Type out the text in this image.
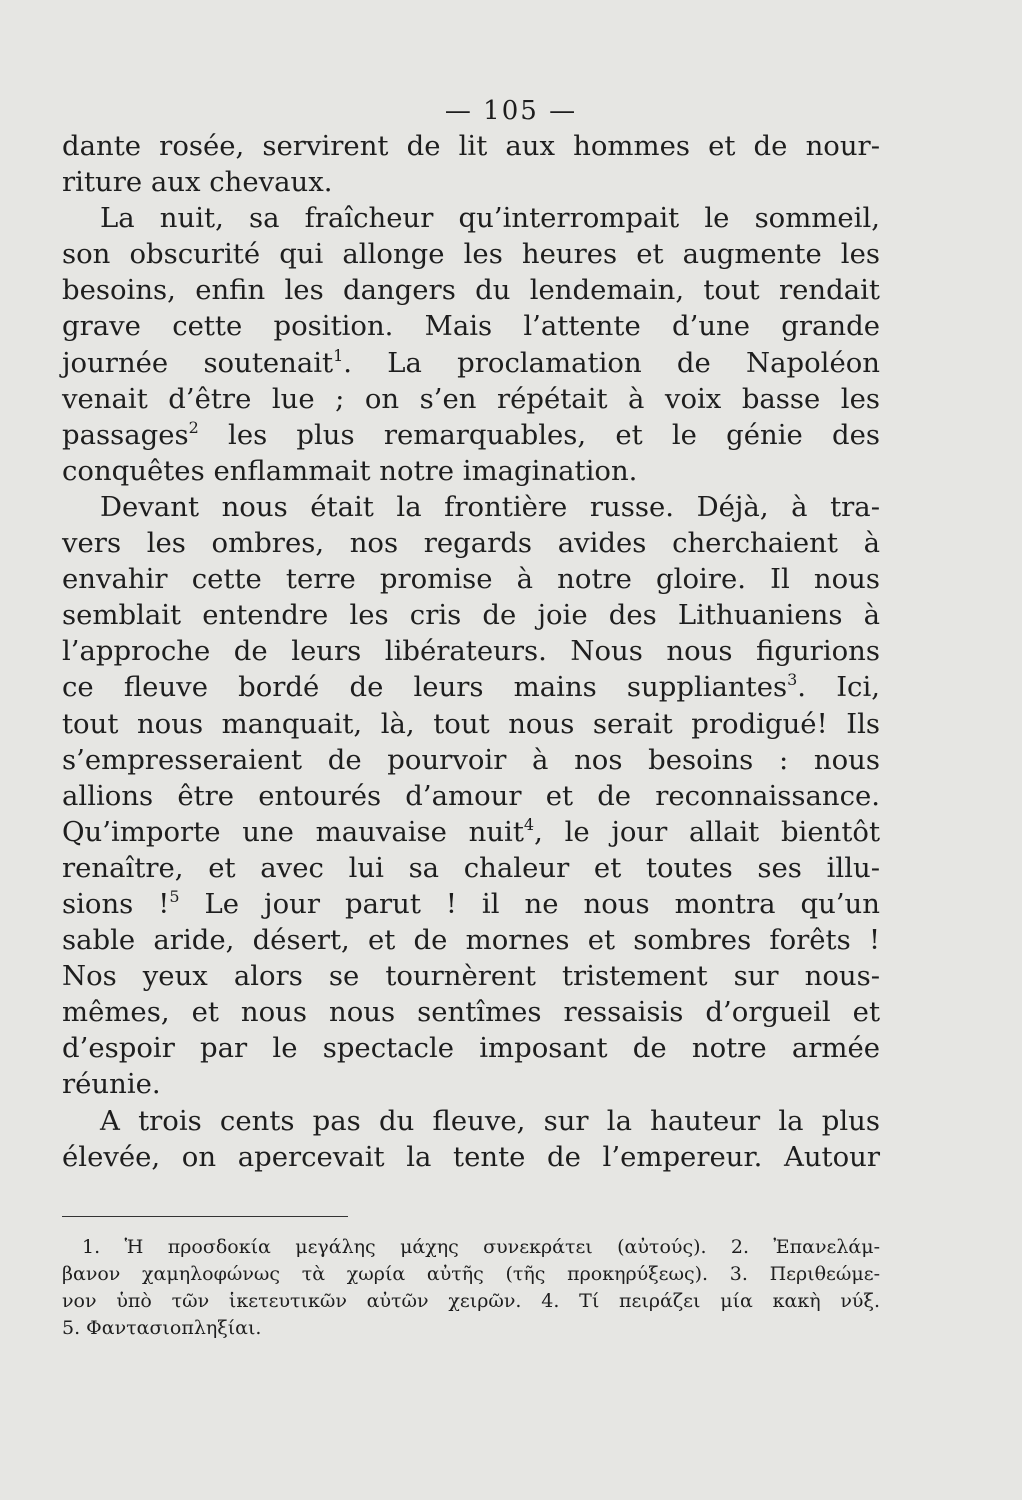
— 105 —
dante rosée, servirent de lit aux hommes et de nour-
riture aux chevaux.
La nuit, sa fraîcheur qu’interrompait le sommeil,
son obscurité qui allonge les heures et augmente les
besoins, enfin les dangers du lendemain, tout rendait
grave cette position. Mais l’attente d’une grande
journée soutenait$^1$. La proclamation de Napoléon
venait d’être lue ; on s’en répétait à voix basse les
passages$^2$ les plus remarquables, et le génie des
conquêtes enflammait notre imagination.
Devant nous était la frontière russe. Déjà, à tra-
vers les ombres, nos regards avides cherchaient à
envahir cette terre promise à notre gloire. Il nous
semblait entendre les cris de joie des Lithuaniens à
l’approche de leurs libérateurs. Nous nous figurions
ce fleuve bordé de leurs mains suppliantes$^3$. Ici,
tout nous manquait, là, tout nous serait prodigué! Ils
s’empresseraient de pourvoir à nos besoins : nous
allions être entourés d’amour et de reconnaissance.
Qu’importe une mauvaise nuit$^4$, le jour allait bientôt
renaître, et avec lui sa chaleur et toutes ses illu-
sions !$^5$ Le jour parut ! il ne nous montra qu’un
sable aride, désert, et de mornes et sombres forêts !
Nos yeux alors se tournèrent tristement sur nous-
mêmes, et nous nous sentîmes ressaisis d’orgueil et
d’espoir par le spectacle imposant de notre armée
réunie.
A trois cents pas du fleuve, sur la hauteur la plus
élevée, on apercevait la tente de l’empereur. Autour
1. Ἡ προσδοκία μεγάλης μάχης συνεκράτει (αὐτούς). 2. Ἐπανελάμ-
βανον χαμηλοφώνως τὰ χωρία αὐτῆς (τῆς προκηρύξεως). 3. Περιθεώμε-
νον ὑπὸ τῶν ἱκετευτικῶν αὐτῶν χειρῶν. 4. Τί πειράζει μία κακὴ νύξ.
5. Φαντασιοπληξίαι.
